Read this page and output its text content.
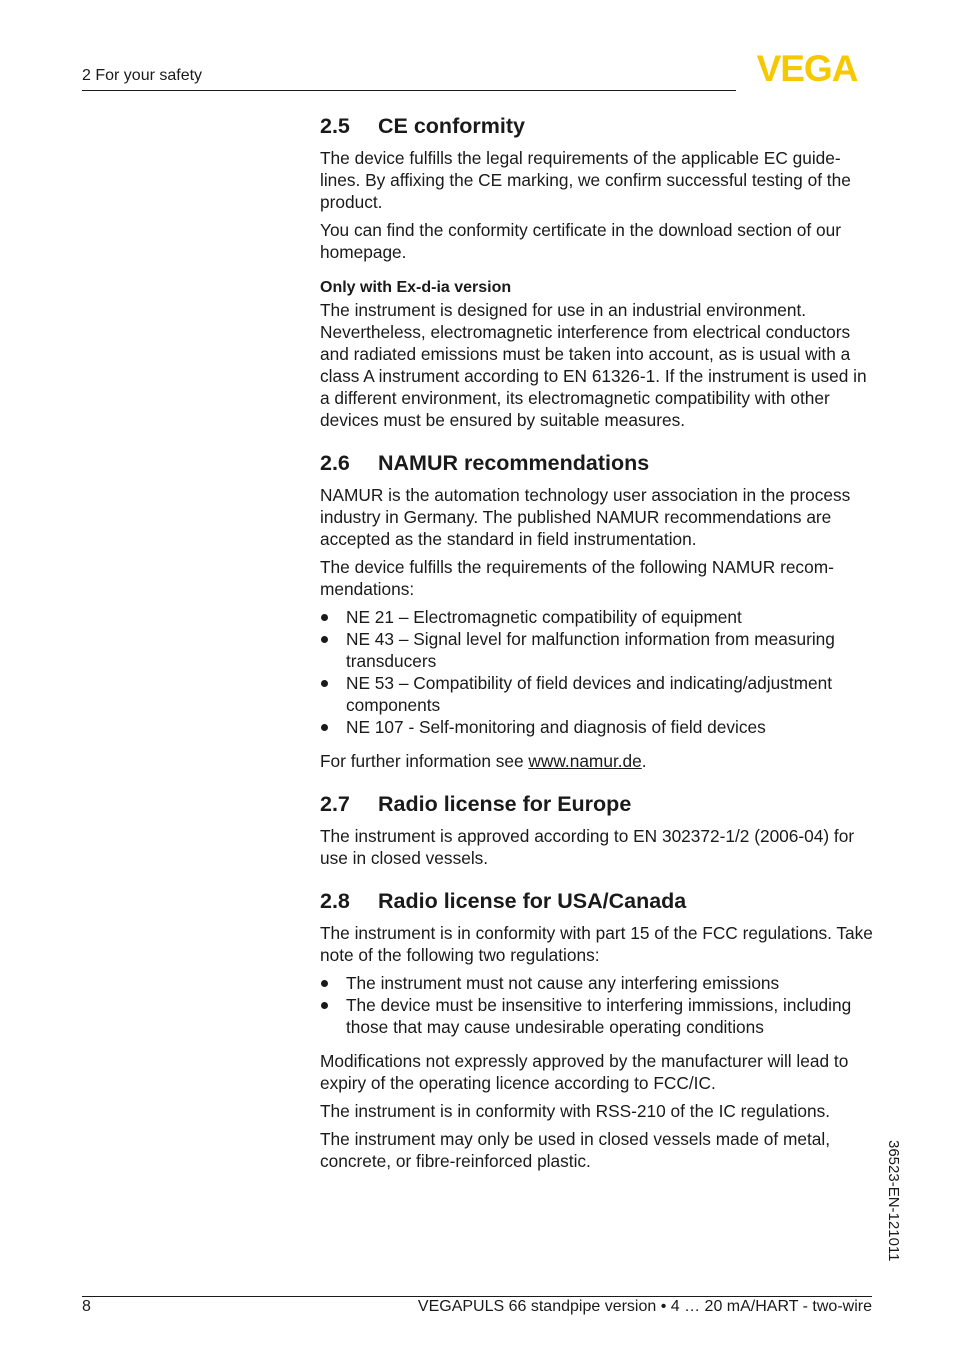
2 For your safety	VEGA
2.5 CE conformity

The device fulfills the legal requirements of the applicable EC guide-lines. By affixing the CE marking, we confirm successful testing of the product.

You can find the conformity certificate in the download section of our homepage.

Only with Ex-d-ia version

The instrument is designed for use in an industrial environment. Nevertheless, electromagnetic interference from electrical conductors and radiated emissions must be taken into account, as is usual with a class A instrument according to EN 61326-1. If the instrument is used in a different environment, its electromagnetic compatibility with other devices must be ensured by suitable measures.

2.6 NAMUR recommendations

NAMUR is the automation technology user association in the process industry in Germany. The published NAMUR recommendations are accepted as the standard in field instrumentation.

The device fulfills the requirements of the following NAMUR recom-mendations:

NE 21 – Electromagnetic compatibility of equipment
NE 43 – Signal level for malfunction information from measuring transducers
NE 53 – Compatibility of field devices and indicating/adjustment components
NE 107 - Self-monitoring and diagnosis of field devices

For further information see www.namur.de.

2.7 Radio license for Europe

The instrument is approved according to EN 302372-1/2 (2006-04) for use in closed vessels.

2.8 Radio license for USA/Canada

The instrument is in conformity with part 15 of the FCC regulations. Take note of the following two regulations:

The instrument must not cause any interfering emissions
The device must be insensitive to interfering immissions, including those that may cause undesirable operating conditions

Modifications not expressly approved by the manufacturer will lead to expiry of the operating licence according to FCC/IC.

The instrument is in conformity with RSS-210 of the IC regulations.

The instrument may only be used in closed vessels made of metal, concrete, or fibre-reinforced plastic.	36523-EN-121011
8	VEGAPULS 66 standpipe version • 4 … 20 mA/HART - two-wire
